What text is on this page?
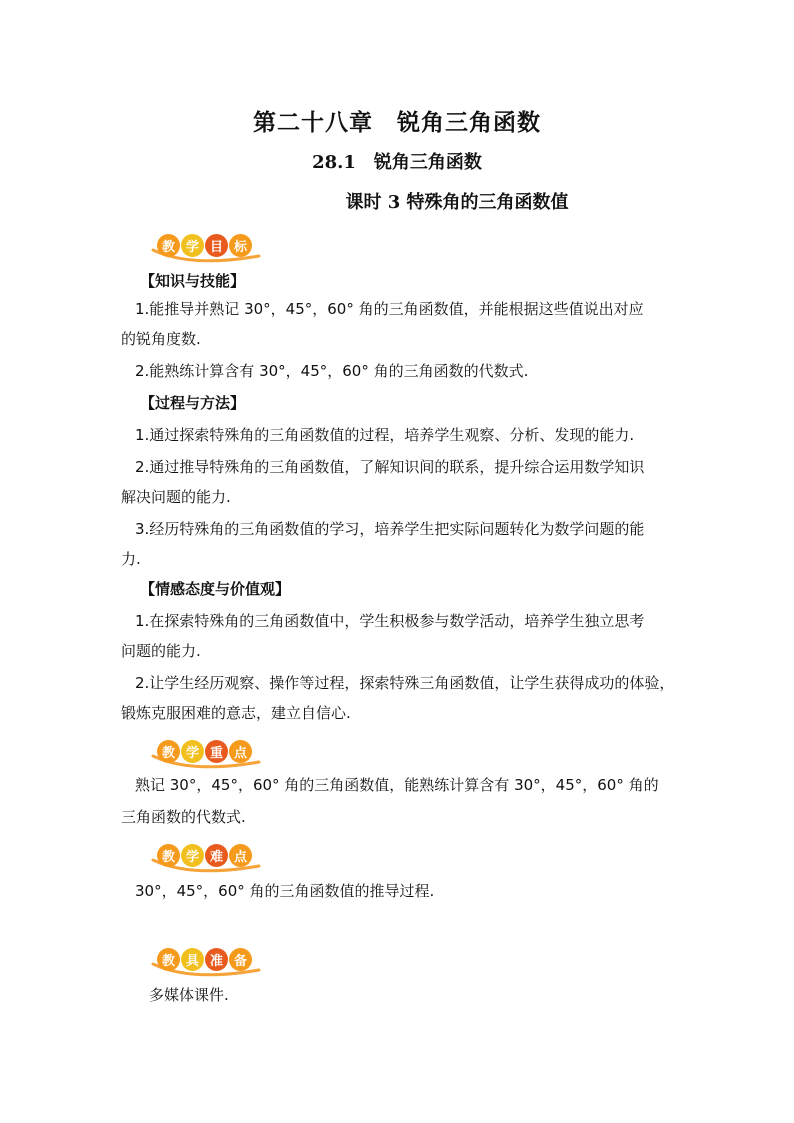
第二十八章　锐角三角函数
28.1　 锐角三角函数
课时 3 特殊角的三角函数值
教 学 目 标

【知识与技能】

1.能推导并熟记 30°，45°，60° 角的三角函数值，并能根据这些值说出对应

的锐角度数.

2.能熟练计算含有 30°，45°，60° 角的三角函数的代数式.

【过程与方法】

1.通过探索特殊角的三角函数值的过程，培养学生观察、分析、发现的能力.

2.通过推导特殊角的三角函数值，了解知识间的联系，提升综合运用数学知识

解决问题的能力.

3.经历特殊角的三角函数值的学习，培养学生把实际问题转化为数学问题的能

力.

【情感态度与价值观】

1.在探索特殊角的三角函数值中，学生积极参与数学活动，培养学生独立思考

问题的能力.

2.让学生经历观察、操作等过程，探索特殊三角函数值，让学生获得成功的体验，

锻炼克服困难的意志，建立自信心.

教 学 重 点

熟记 30°，45°，60° 角的三角函数值，能熟练计算含有 30°，45°，60° 角的

三角函数的代数式.

教 学 难 点

30°，45°，60° 角的三角函数值的推导过程.

教 具 准 备

多媒体课件.
